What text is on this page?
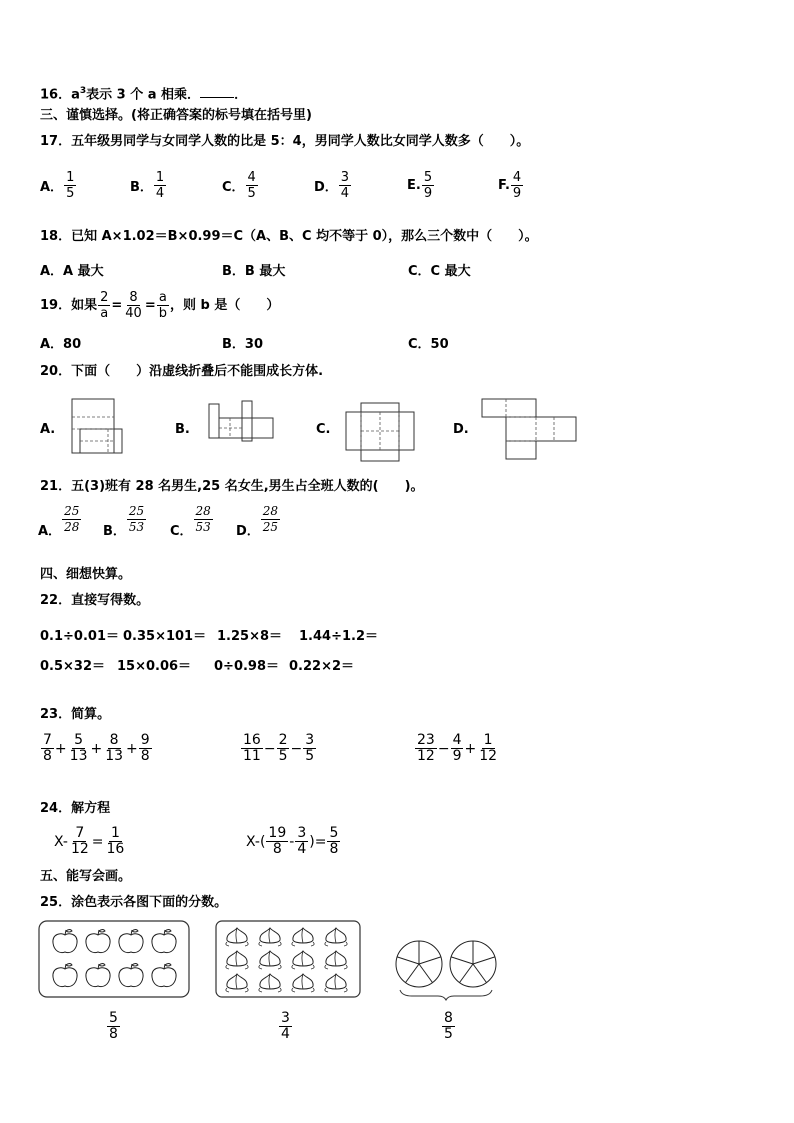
16．$a^3$表示 3 个 a 相乘．	．
三、谨慎选择。(将正确答案的标号填在括号里)
17．五年级男同学与女同学人数的比是 5：4，男同学人数比女同学人数多（　　）。
18．已知 A×1.02＝B×0.99＝C（A、B、C 均不等于 0），那么三个数中（　　）。
A．A 最大	B．B 最大	C．C 最大
19．如果 $\frac{2}{a} = \frac{8}{40} = \frac{a}{b}$ ，则 b 是（　　）
A．80	B．30	C．50
20．下面（　　）沿虚线折叠后不能围成长方体.
A.	B.	C.	D.
21．五(3)班有 28 名男生,25 名女生,男生占全班人数的(　　)。
四、细想快算。
22．直接写得数。
0.1÷0.01＝ 0.35×101＝ 1.25×8＝ 1.44÷1.2＝
0.5×32＝ 15×0.06＝ 0÷0.98＝ 0.22×2＝
23．简算。
24．解方程
$X- \frac{7}{12} = \frac{1}{16}$	$X-( \frac{19}{8} - \frac{3}{4}$ )= $\frac{5}{8}$
五、能写会画。
25．涂色表示各图下面的分数。
$\frac{5}{8}$	$\frac{3}{4}$	$\frac{8}{5}$
A． $\frac{1}{5}$	B． $\frac{1}{4}$	C． $\frac{4}{5}$	D． $\frac{3}{4}$	E. $\frac{5}{9}$	F. $\frac{4}{9}$
A． $\frac{25}{28}$ B． $\frac{25}{53}$ C． $\frac{28}{53}$ D． $\frac{28}{25}$
$\frac{7}{8} + \frac{5}{13} + \frac{8}{13} + \frac{9}{8}$	$\frac{16}{11} - \frac{2}{5} - \frac{3}{5}$	$\frac{23}{12} - \frac{4}{9} + \frac{1}{12}$
